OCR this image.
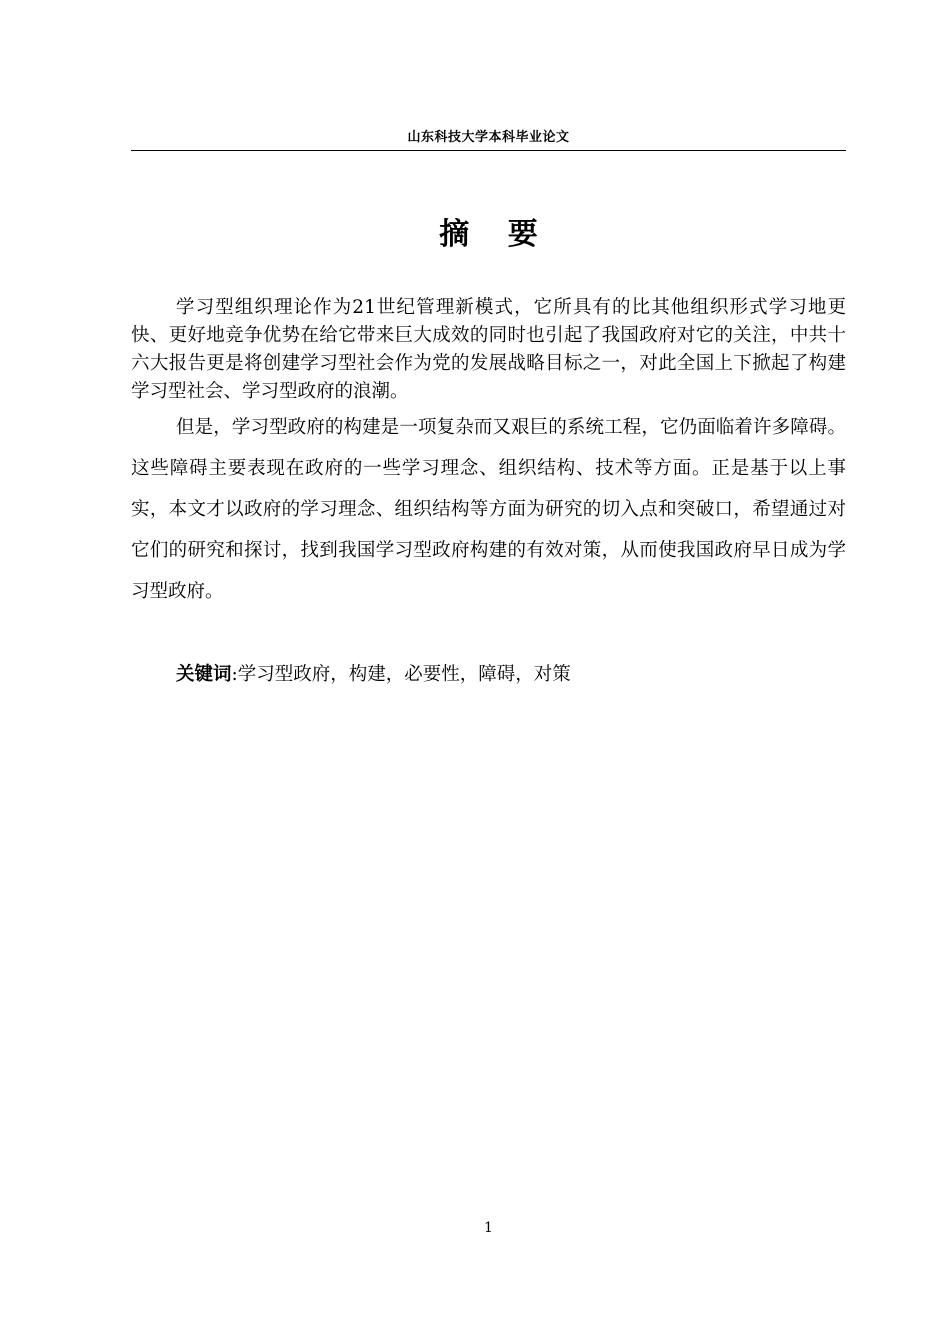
山东科技大学本科毕业论文
摘 要

学习型组织理论作为21世纪管理新模式，它所具有的比其他组织形式学习地更快、更好地竞争优势在给它带来巨大成效的同时也引起了我国政府对它的关注，中共十六大报告更是将创建学习型社会作为党的发展战略目标之一，对此全国上下掀起了构建学习型社会、学习型政府的浪潮。

但是，学习型政府的构建是一项复杂而又艰巨的系统工程，它仍面临着许多障碍。这些障碍主要表现在政府的一些学习理念、组织结构、技术等方面。正是基于以上事实，本文才以政府的学习理念、组织结构等方面为研究的切入点和突破口，希望通过对它们的研究和探讨，找到我国学习型政府构建的有效对策，从而使我国政府早日成为学习型政府。

关键词:学习型政府，构建，必要性，障碍，对策
1
